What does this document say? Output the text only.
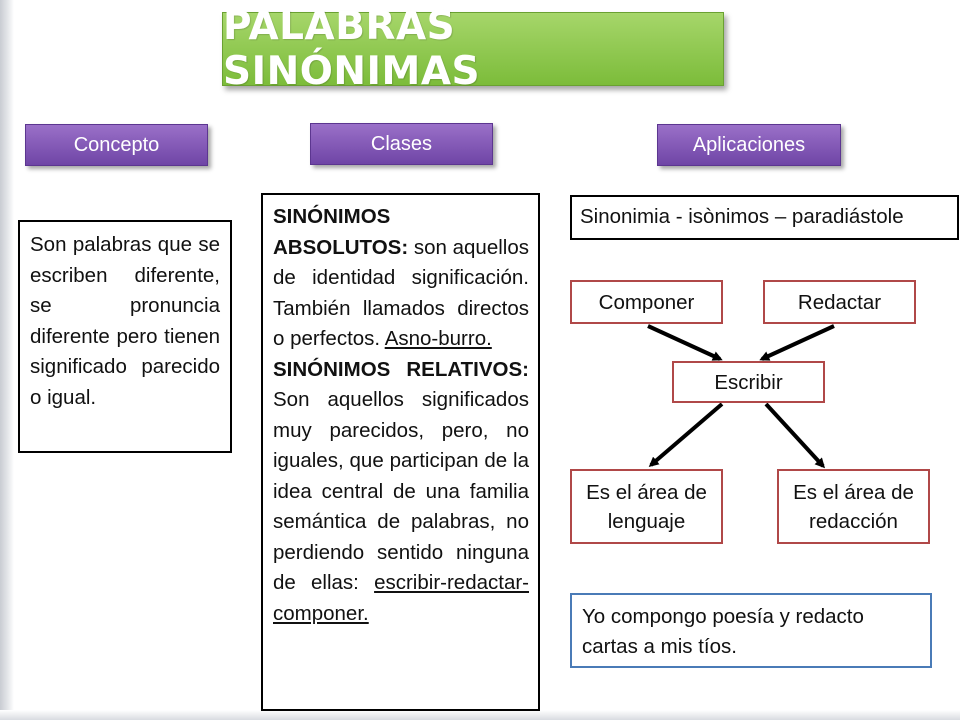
PALABRAS SINÓNIMAS
Concepto	Clases	Aplicaciones
Son palabras que se escriben diferente, se pronuncia diferente pero tienen significado parecido o igual.
SINÓNIMOS ABSOLUTOS: son aquellos de identidad significación. También llamados directos o perfectos. Asno-burro.
SINÓNIMOS RELATIVOS: Son aquellos significados muy parecidos, pero, no iguales, que participan de la idea central de una familia semántica de palabras, no perdiendo sentido ninguna de ellas: escribir-redactar-componer.
Sinonimia - isònimos – paradiástole
Componer	Redactar
Escribir
Es el área de lenguaje
Es el área de redacción
Yo compongo poesía y redacto cartas a mis tíos.
